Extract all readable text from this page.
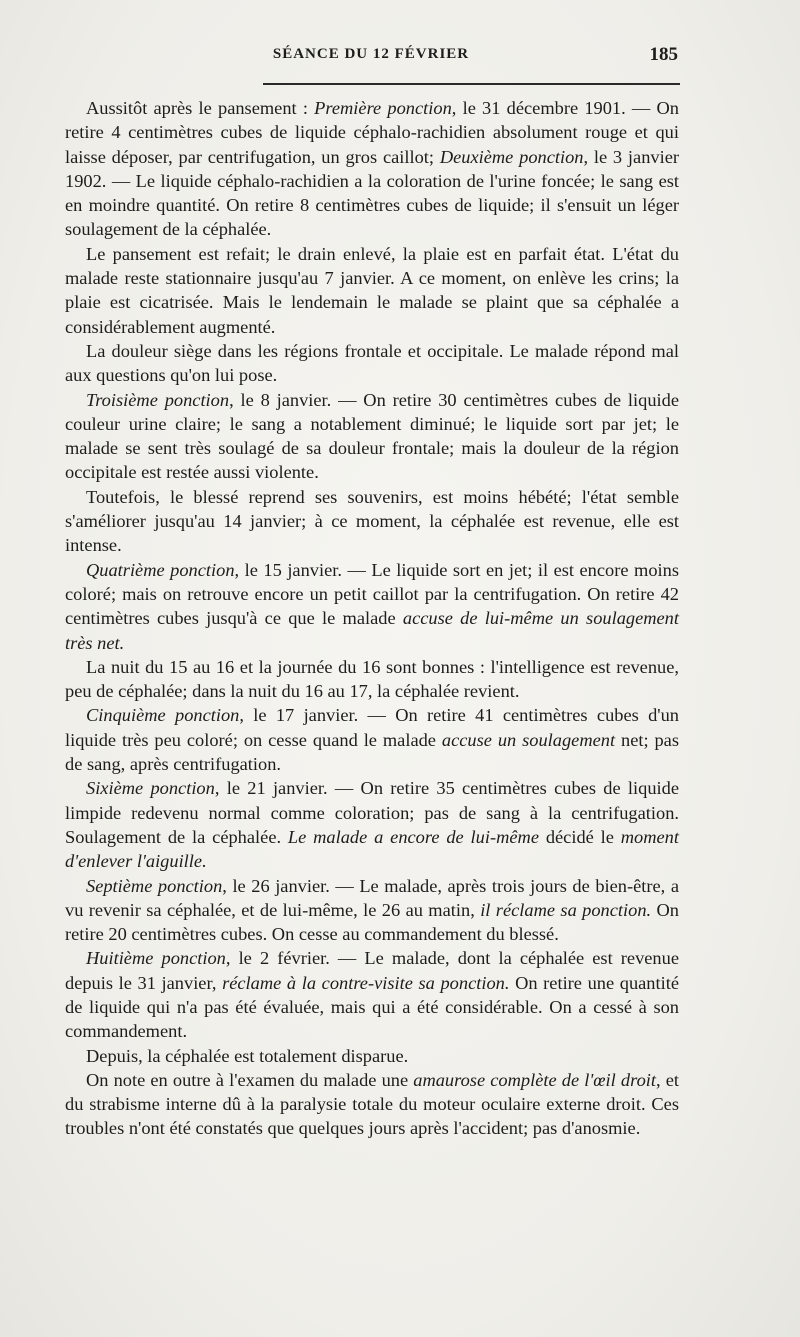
SÉANCE DU 12 FÉVRIER	185

Aussitôt après le pansement : Première ponction, le 31 décembre 1901. — On retire 4 centimètres cubes de liquide céphalo-rachidien absolument rouge et qui laisse déposer, par centrifugation, un gros caillot; Deuxième ponction, le 3 janvier 1902. — Le liquide céphalo-rachidien a la coloration de l'urine foncée; le sang est en moindre quantité. On retire 8 centimètres cubes de liquide; il s'ensuit un léger soulagement de la céphalée.

Le pansement est refait; le drain enlevé, la plaie est en parfait état. L'état du malade reste stationnaire jusqu'au 7 janvier. A ce moment, on enlève les crins; la plaie est cicatrisée. Mais le lendemain le malade se plaint que sa céphalée a considérablement augmenté.

La douleur siège dans les régions frontale et occipitale. Le malade répond mal aux questions qu'on lui pose.

Troisième ponction, le 8 janvier. — On retire 30 centimètres cubes de liquide couleur urine claire; le sang a notablement diminué; le liquide sort par jet; le malade se sent très soulagé de sa douleur frontale; mais la douleur de la région occipitale est restée aussi violente.

Toutefois, le blessé reprend ses souvenirs, est moins hébété; l'état semble s'améliorer jusqu'au 14 janvier; à ce moment, la céphalée est revenue, elle est intense.

Quatrième ponction, le 15 janvier. — Le liquide sort en jet; il est encore moins coloré; mais on retrouve encore un petit caillot par la centrifugation. On retire 42 centimètres cubes jusqu'à ce que le malade accuse de lui-même un soulagement très net.

La nuit du 15 au 16 et la journée du 16 sont bonnes : l'intelligence est revenue, peu de céphalée; dans la nuit du 16 au 17, la céphalée revient.

Cinquième ponction, le 17 janvier. — On retire 41 centimètres cubes d'un liquide très peu coloré; on cesse quand le malade accuse un soulagement net; pas de sang, après centrifugation.

Sixième ponction, le 21 janvier. — On retire 35 centimètres cubes de liquide limpide redevenu normal comme coloration; pas de sang à la centrifugation. Soulagement de la céphalée. Le malade a encore de lui-même décidé le moment d'enlever l'aiguille.

Septième ponction, le 26 janvier. — Le malade, après trois jours de bien-être, a vu revenir sa céphalée, et de lui-même, le 26 au matin, il réclame sa ponction. On retire 20 centimètres cubes. On cesse au commandement du blessé.

Huitième ponction, le 2 février. — Le malade, dont la céphalée est revenue depuis le 31 janvier, réclame à la contre-visite sa ponction. On retire une quantité de liquide qui n'a pas été évaluée, mais qui a été considérable. On a cessé à son commandement.

Depuis, la céphalée est totalement disparue.

On note en outre à l'examen du malade une amaurose complète de l'œil droit, et du strabisme interne dû à la paralysie totale du moteur oculaire externe droit. Ces troubles n'ont été constatés que quelques jours après l'accident; pas d'anosmie.
